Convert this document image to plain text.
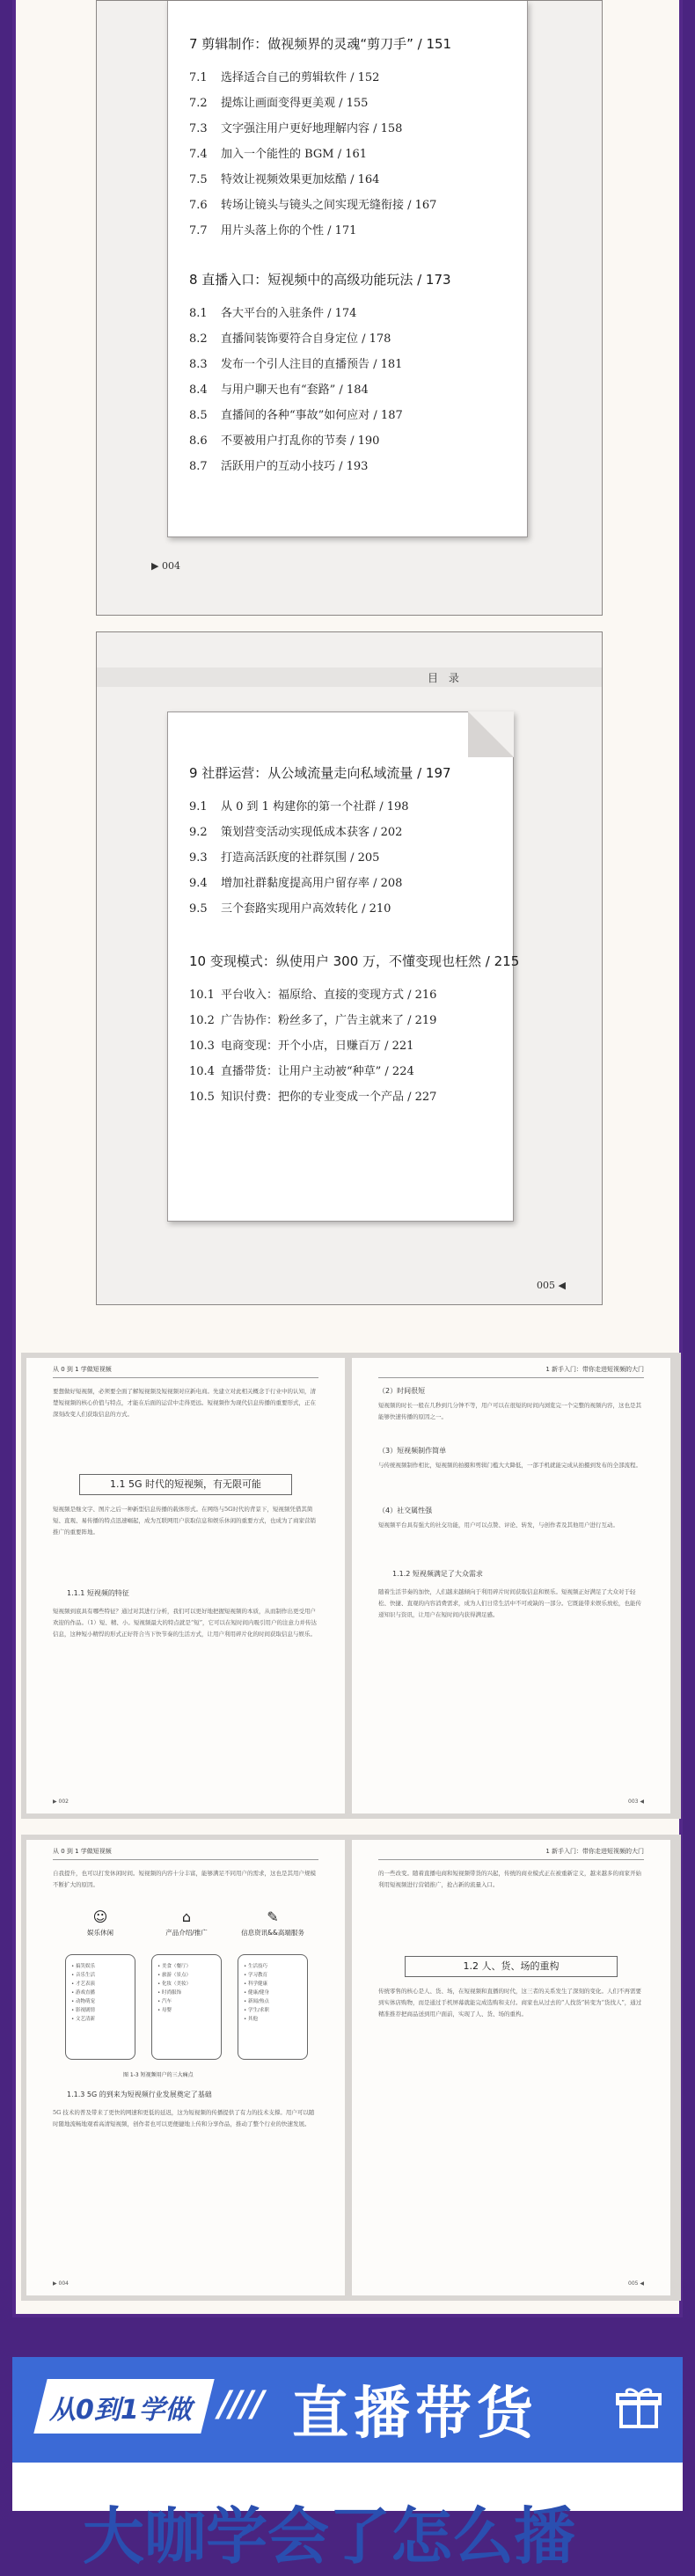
7 剪辑制作：做视频界的灵魂“剪刀手” / 151
7.1 选择适合自己的剪辑软件 / 152
7.2 提炼让画面变得更美观 / 155
7.3 文字强注用户更好地理解内容 / 158
7.4 加入一个能性的 BGM / 161
7.5 特效让视频效果更加炫酷 / 164
7.6 转场让镜头与镜头之间实现无缝衔接 / 167
7.7 用片头落上你的个性 / 171
8 直播入口：短视频中的高级功能玩法 / 173
8.1 各大平台的入驻条件 / 174
8.2 直播间装饰要符合自身定位 / 178
8.3 发布一个引人注目的直播预告 / 181
8.4 与用户聊天也有“套路” / 184
8.5 直播间的各种“事故”如何应对 / 187
8.6 不要被用户打乱你的节奏 / 190
8.7 活跃用户的互动小技巧 / 193
▶ 004
目 录
9 社群运营：从公域流量走向私域流量 / 197
9.1 从 0 到 1 构建你的第一个社群 / 198
9.2 策划营变活动实现低成本获客 / 202
9.3 打造高活跃度的社群氛围 / 205
9.4 增加社群黏度提高用户留存率 / 208
9.5 三个套路实现用户高效转化 / 210
10 变现模式：纵使用户 300 万，不懂变现也枉然 / 215
10.1 平台收入：福原给、直接的变现方式 / 216
10.2 广告协作：粉丝多了，广告主就来了 / 219
10.3 电商变现：开个小店，日赚百万 / 221
10.4 直播带货：让用户主动被“种草” / 224
10.5 知识付费：把你的专业变成一个产品 / 227
005 ◀
从 0 到 1 学做短视频
要想做好短视频，必须要全面了解短视频及短视频对应新电商。先建立对此相关概念于行业中的认知，清楚短视频的核心价值与特点，才能在后面的运营中走得更远。短视频作为现代信息传播的重要形式，正在深刻改变人们获取信息的方式。
1.1 5G 时代的短视频，有无限可能
短视频是继文字、图片之后一种新型信息传播的载体形式。在网络与5G时代的背景下，短视频凭借其简短、直观、易传播的特点迅速崛起，成为互联网用户获取信息和娱乐休闲的重要方式，也成为了商家营销推广的重要阵地。
1.1.1 短视频的特征
短视频到底具有哪些特征？通过对其进行分析，我们可以更好地把握短视频的本质，从而制作出更受用户欢迎的作品。（1）短、精、小。短视频最大的特点就是“短”，它可以在短时间内吸引用户的注意力并传达信息，这种短小精悍的形式正好符合当下快节奏的生活方式，让用户利用碎片化的时间获取信息与娱乐。
▶ 002
1 新手入门：带你走进短视频的大门
（2）时间很短
短视频的时长一般在几秒到几分钟不等，用户可以在很短的时间内浏览完一个完整的视频内容，这也是其能够快速传播的原因之一。
（3）短视频制作简单
与传统视频制作相比，短视频的拍摄和剪辑门槛大大降低，一部手机就能完成从拍摄到发布的全部流程。
（4）社交属性强
短视频平台具有强大的社交功能，用户可以点赞、评论、转发，与创作者及其他用户进行互动。
1.1.2 短视频满足了大众需求
随着生活节奏的加快，人们越来越倾向于利用碎片时间获取信息和娱乐。短视频正好满足了大众对于轻松、快捷、直观的内容消费需求，成为人们日常生活中不可或缺的一部分。它既能带来娱乐放松，也能传递知识与资讯，让用户在短时间内获得满足感。
003 ◀
从 0 到 1 学做短视频
自我提升，也可以打发休闲时间。短视频的内容十分丰富，能够满足不同用户的需求，这也是其用户规模不断扩大的原因。
☺
娱乐休闲
• 搞笑娱乐
• 音乐生活
• 才艺表演
• 游戏直播
• 动物萌宠
• 影视剧情
• 文艺清新
⌂
产品介绍/推广
• 美食（餐厅）
• 旅游（景点）
• 化妆（美妆）
• 时尚服饰
• 汽车
• 母婴
✎
信息资讯&&高端服务
• 生活技巧
• 学习教育
• 科学健康
• 健康/健身
• 新闻/热点
• 学生/求职
• 其他
图 1-3 短视频用户的三大痛点
1.1.3 5G 的到来为短视频行业发展奠定了基础
5G 技术的普及带来了更快的网速和更低的延迟，这为短视频的传播提供了有力的技术支撑。用户可以随时随地流畅地观看高清短视频，创作者也可以更便捷地上传和分享作品，推动了整个行业的快速发展。
▶ 004
1 新手入门：带你走进短视频的大门
的一些改变。随着直播电商和短视频带货的兴起，传统的商业模式正在被重新定义，越来越多的商家开始利用短视频进行营销推广，抢占新的流量入口。
1.2 人、货、场的重构
传统零售的核心是人、货、场，在短视频和直播的时代，这三者的关系发生了深刻的变化。人们不再需要到实体店购物，而是通过手机屏幕就能完成选购和支付。商家也从过去的“人找货”转变为“货找人”，通过精准推荐把商品送到用户面前，实现了人、货、场的重构。
005 ◀
从0到1学做 //// 直播带货
大咖学会了怎么播
